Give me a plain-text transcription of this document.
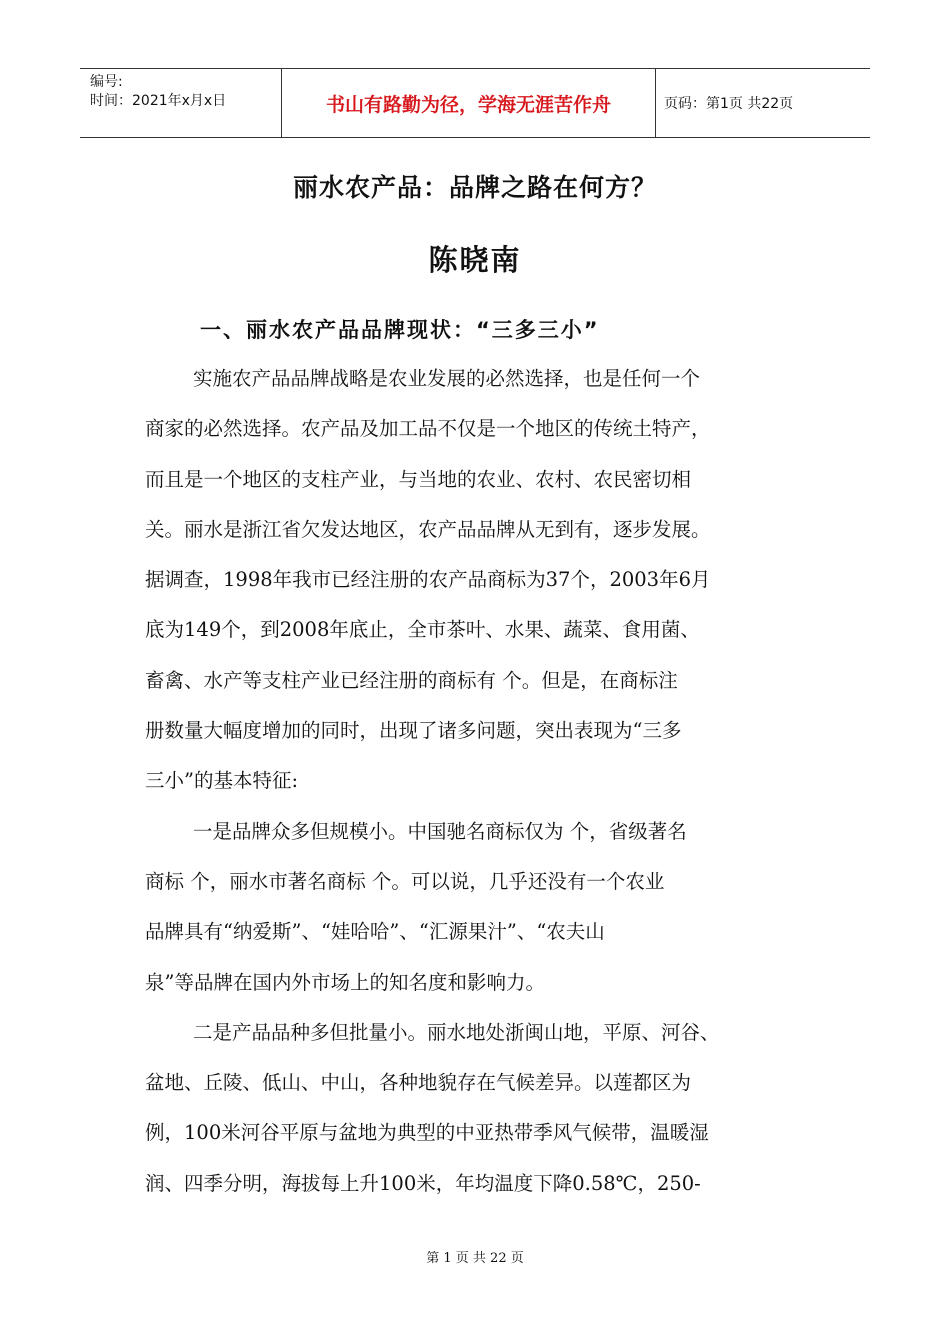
编号:
时间：2021年x月x日	书山有路勤为径，学海无涯苦作舟	页码：第1页 共22页
丽水农产品：品牌之路在何方？
陈晓南
一、丽水农产品品牌现状：“三多三小”
实施农产品品牌战略是农业发展的必然选择，也是任何一个
商家的必然选择。农产品及加工品不仅是一个地区的传统土特产，
而且是一个地区的支柱产业，与当地的农业、农村、农民密切相
关。丽水是浙江省欠发达地区，农产品品牌从无到有，逐步发展。
据调查，1998年我市已经注册的农产品商标为37个，2003年6月
底为149个，到2008年底止，全市茶叶、水果、蔬菜、食用菌、
畜禽、水产等支柱产业已经注册的商标有 个。但是，在商标注
册数量大幅度增加的同时，出现了诸多问题，突出表现为“三多
三小”的基本特征:
一是品牌众多但规模小。中国驰名商标仅为 个，省级著名
商标 个，丽水市著名商标 个。可以说，几乎还没有一个农业
品牌具有“纳爱斯”、“娃哈哈”、“汇源果汁”、“农夫山
泉”等品牌在国内外市场上的知名度和影响力。
二是产品品种多但批量小。丽水地处浙闽山地，平原、河谷、
盆地、丘陵、低山、中山，各种地貌存在气候差异。以莲都区为
例，100米河谷平原与盆地为典型的中亚热带季风气候带，温暖湿
润、四季分明，海拔每上升100米，年均温度下降0.58℃，250-
第 1 页 共 22 页
